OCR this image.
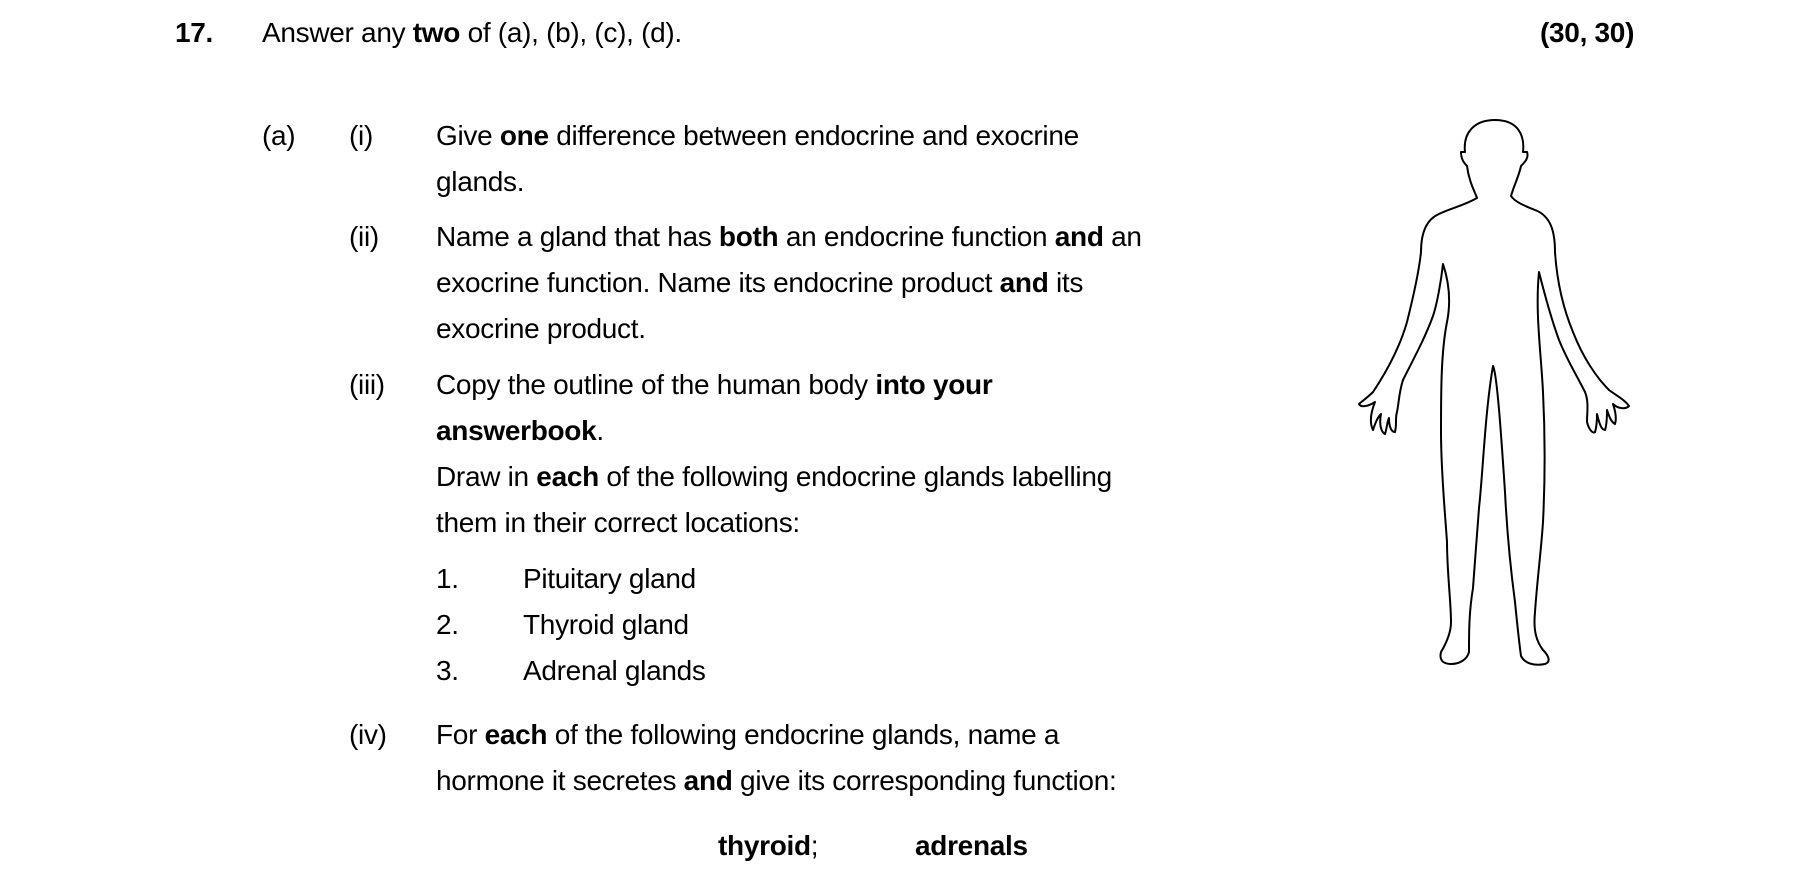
17. Answer any two of (a), (b), (c), (d).	(30, 30)
(a) (i) Give one difference between endocrine and exocrine
glands.
(ii) Name a gland that has both an endocrine function and an
exocrine function. Name its endocrine product and its
exocrine product.
(iii) Copy the outline of the human body into your
answerbook.
Draw in each of the following endocrine glands labelling
them in their correct locations:
1. Pituitary gland
2. Thyroid gland
3. Adrenal glands
(iv) For each of the following endocrine glands, name a
hormone it secretes and give its corresponding function:
thyroid;	adrenals
